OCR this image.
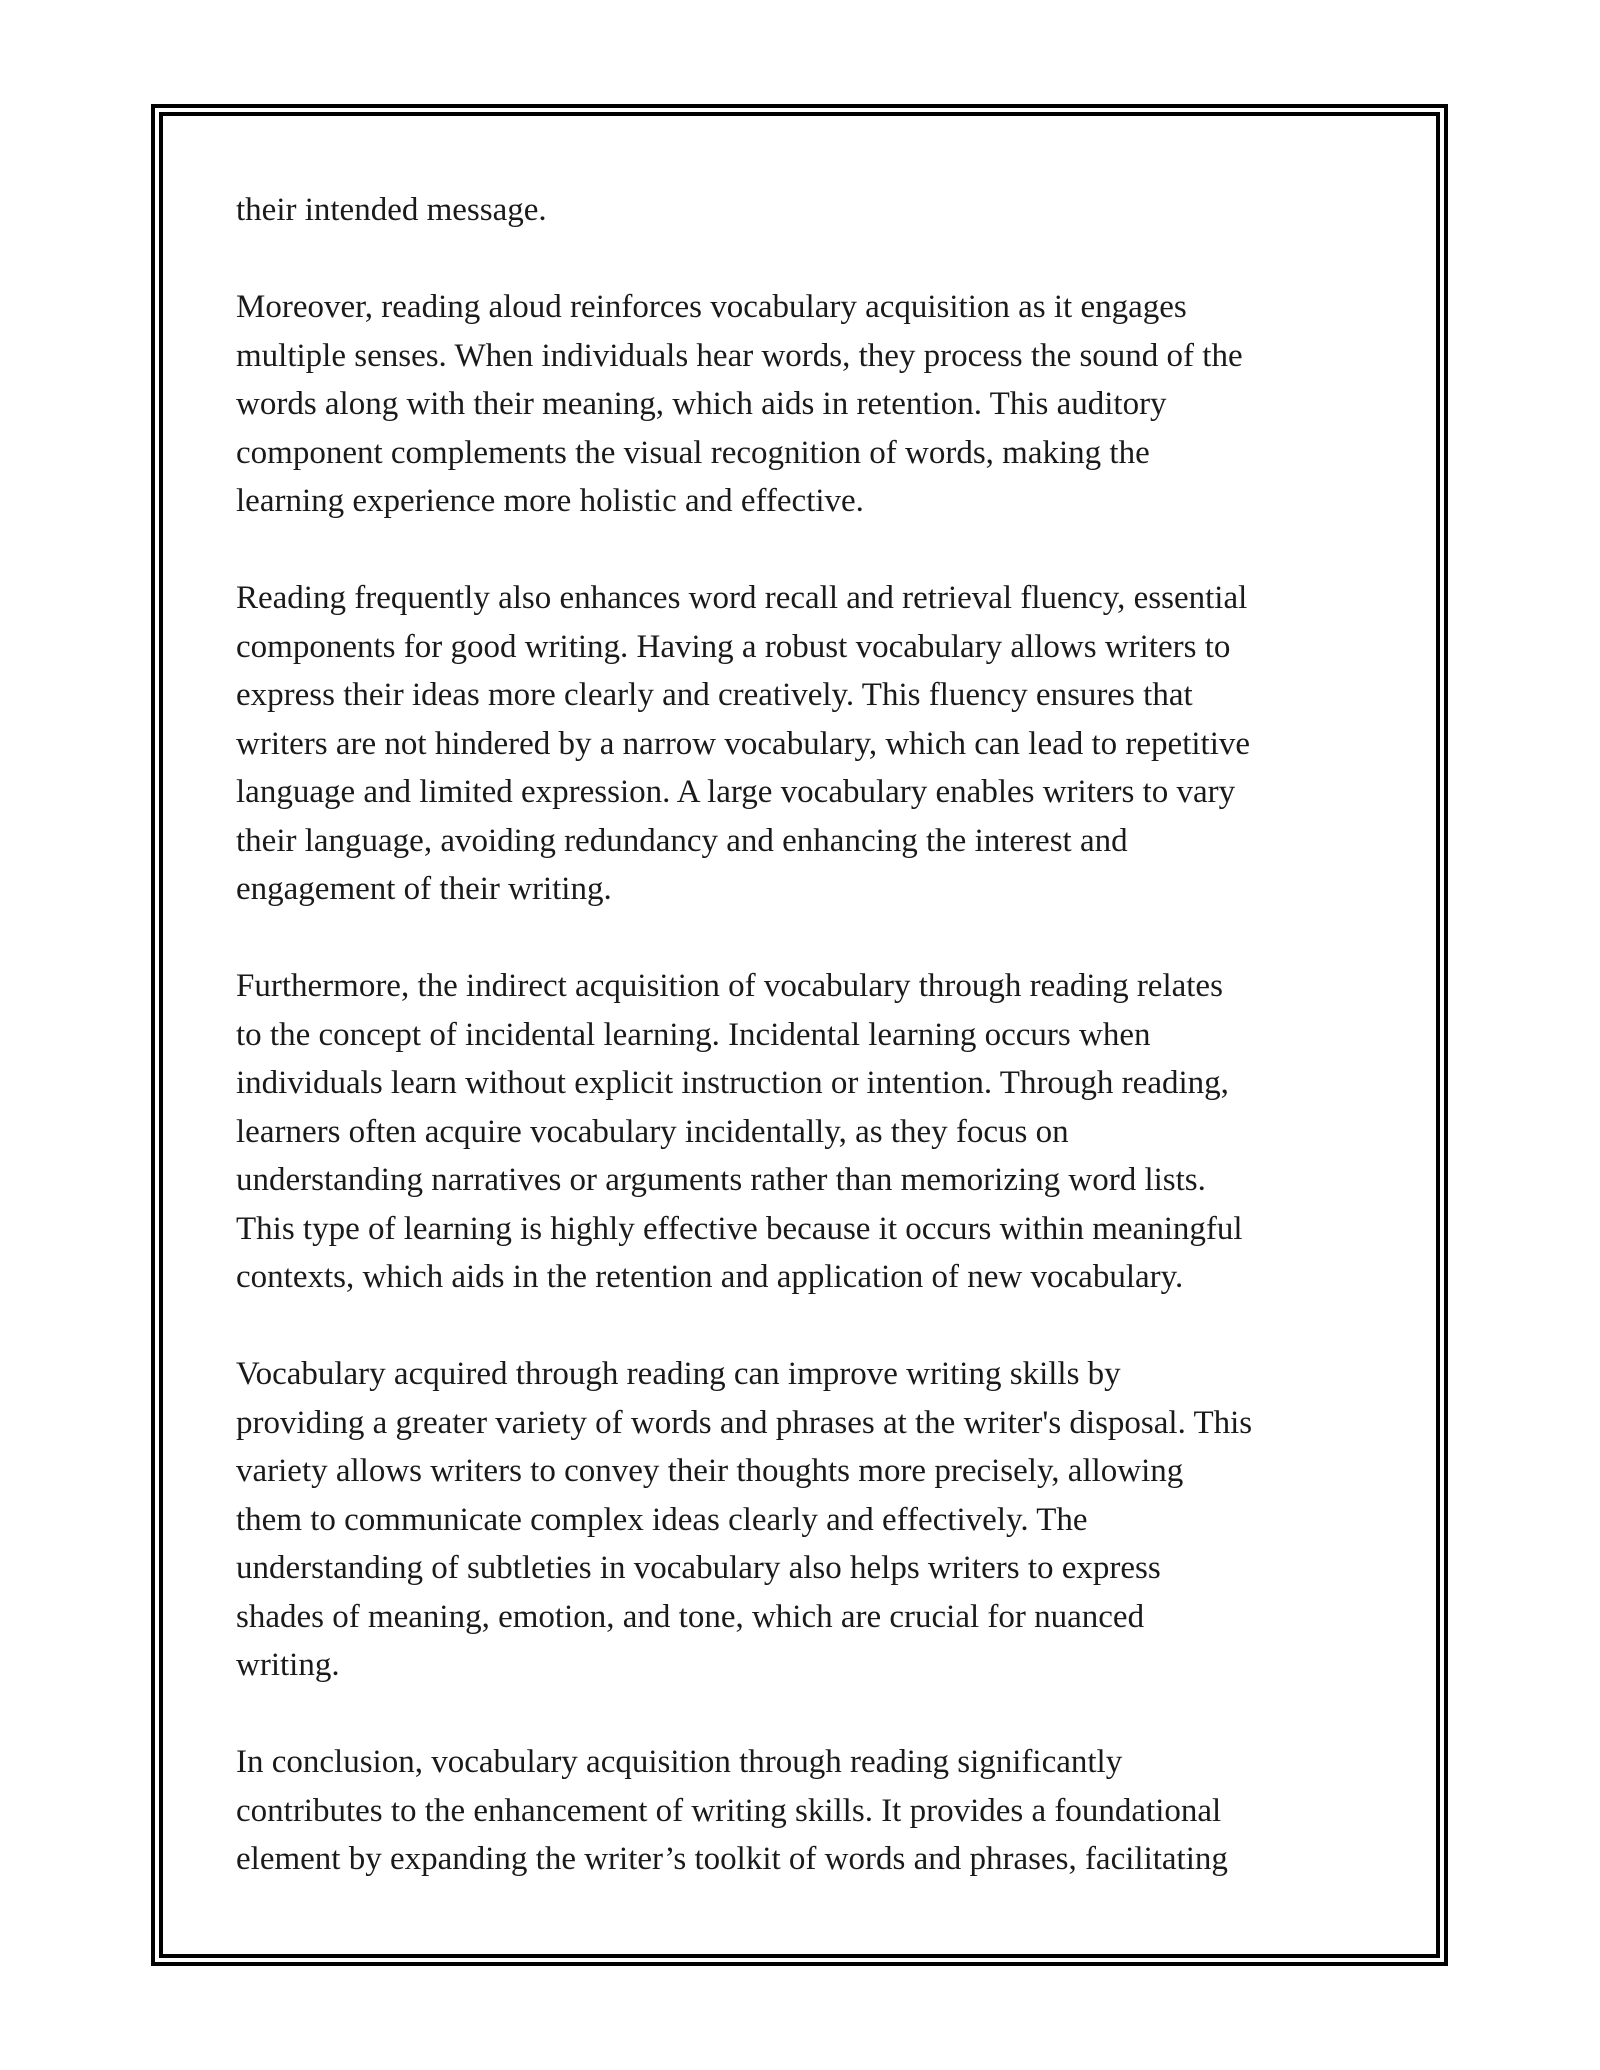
their intended message.

Moreover, reading aloud reinforces vocabulary acquisition as it engages
multiple senses. When individuals hear words, they process the sound of the
words along with their meaning, which aids in retention. This auditory
component complements the visual recognition of words, making the
learning experience more holistic and effective.

Reading frequently also enhances word recall and retrieval fluency, essential
components for good writing. Having a robust vocabulary allows writers to
express their ideas more clearly and creatively. This fluency ensures that
writers are not hindered by a narrow vocabulary, which can lead to repetitive
language and limited expression. A large vocabulary enables writers to vary
their language, avoiding redundancy and enhancing the interest and
engagement of their writing.

Furthermore, the indirect acquisition of vocabulary through reading relates
to the concept of incidental learning. Incidental learning occurs when
individuals learn without explicit instruction or intention. Through reading,
learners often acquire vocabulary incidentally, as they focus on
understanding narratives or arguments rather than memorizing word lists.
This type of learning is highly effective because it occurs within meaningful
contexts, which aids in the retention and application of new vocabulary.

Vocabulary acquired through reading can improve writing skills by
providing a greater variety of words and phrases at the writer's disposal. This
variety allows writers to convey their thoughts more precisely, allowing
them to communicate complex ideas clearly and effectively. The
understanding of subtleties in vocabulary also helps writers to express
shades of meaning, emotion, and tone, which are crucial for nuanced
writing.

In conclusion, vocabulary acquisition through reading significantly
contributes to the enhancement of writing skills. It provides a foundational
element by expanding the writer’s toolkit of words and phrases, facilitating
